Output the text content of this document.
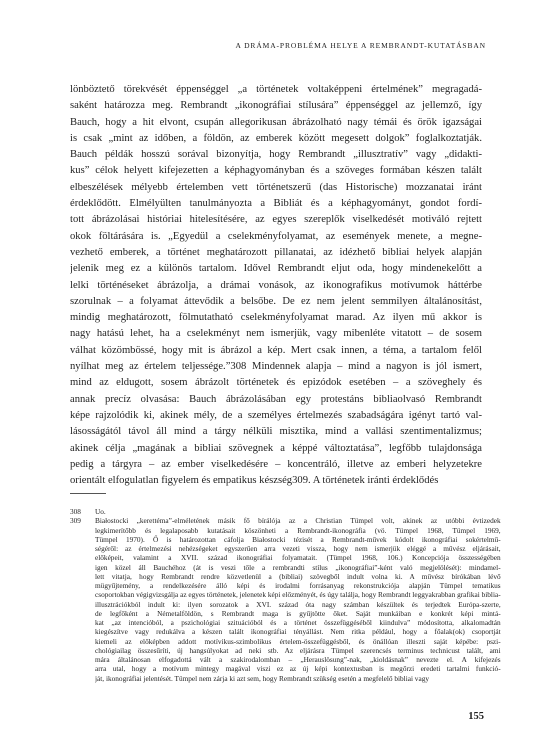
A DRÁMA-PROBLÉMA HELYE A REMBRANDT-KUTATÁSBAN
lönböztető törekvését éppenséggel „a történetek voltaképpeni értelmének” megragadá-
saként határozza meg. Rembrandt „ikonográfiai stílusára” éppenséggel az jellemző, így
Bauch, hogy a hit elvont, csupán allegorikusan ábrázolható nagy témái és örök igazságai
is csak „mint az időben, a földön, az emberek között megesett dolgok” foglalkoztatják.
Bauch példák hosszú sorával bizonyítja, hogy Rembrandt „illusztratív” vagy „didakti-
kus” célok helyett kifejezetten a képhagyományban és a szöveges formában készen talált
elbeszélések mélyebb értelemben vett történetszerű (das Historische) mozzanatai iránt
érdeklődött. Elmélyülten tanulmányozta a Bibliát és a képhagyományt, gondot fordí-
tott ábrázolásai históriai hitelesítésére, az egyes szereplők viselkedését motiváló rejtett
okok föltárására is. „Egyedül a cselekményfolyamat, az események menete, a megne-
vezhető emberek, a történet meghatározott pillanatai, az idézhető bibliai helyek alapján
jelenik meg ez a különös tartalom. Idővel Rembrandt eljut oda, hogy mindenekelőtt a
lelki történéseket ábrázolja, a drámai vonások, az ikonografikus motívumok háttérbe
szorulnak – a folyamat áttevődik a belsőbe. De ez nem jelent semmilyen általánosítást,
mindig meghatározott, fölmutatható cselekményfolyamat marad. Az ilyen mű akkor is
nagy hatású lehet, ha a cselekményt nem ismerjük, vagy mibenléte vitatott – de sosem
válhat közömbössé, hogy mit is ábrázol a kép. Mert csak innen, a téma, a tartalom felől
nyílhat meg az értelem teljessége.”308 Mindennek alapja – mind a nagyon is jól ismert,
mind az eldugott, sosem ábrázolt történetek és epizódok esetében – a szöveghely és
annak precíz olvasása: Bauch ábrázolásában egy protestáns bibliaolvasó Rembrandt
képe rajzolódik ki, akinek mély, de a személyes értelmezés szabadságára igényt tartó val-
lásosságától távol áll mind a tárgy nélküli misztika, mind a vallási szentimentalizmus;
akinek célja „magának a bibliai szövegnek a képpé változtatása”, legfőbb tulajdonsága
pedig a tárgyra – az ember viselkedésére – koncentráló, illetve az emberi helyzetekre
orientált elfogulatlan figyelem és empatikus készség309. A történetek iránti érdeklődés
308	Uo.
309	Białostocki „kerettéma”-elméletének másik fő bírálója az a Christian Tümpel volt, akinek az utóbbi évtizedek
legkimerítőbb és legalaposabb kutatásait köszönheti a Rembrandt-ikonográfia (vö. Tümpel 1968, Tümpel 1969,
Tümpel 1970). Ő is határozottan cáfolja Białostocki tézisét a Rembrandt-művek kódolt ikonográfiai sokértelmű-
ségéről: az értelmezési nehézségeket egyszerűen arra vezeti vissza, hogy nem ismerjük eléggé a művész eljárásait,
előképeit, valamint a XVII. század ikonográfiai folyamatait. (Tümpel 1968, 106.) Koncepciója összességében
igen közel áll Bauchéhoz (át is veszi tőle a rembrandti stílus „ikonográfiai”-ként való megjelölését): mindamel-
lett vitatja, hogy Rembrandt rendre közvetlenül a (bibliai) szövegből indult volna ki. A művész bírókában lévő
mügyűjtemény, a rendelkezésére álló képi és irodalmi forrásanyag rekonstrukciója alapján Tümpel tematikus
csoportokban végigvizsgálja az egyes történetek, jelenetek képi előzményét, és úgy találja, hogy Rembrandt leggyakrabban grafikai biblia-
illusztrációkból indult ki: ilyen sorozatok a XVI. század óta nagy számban készültek és terjedtek Európa-szerte,
de legfőként a Németalföldön, s Rembrandt maga is gyűjtötte őket. Saját munkáiban e konkrét képi mintá-
kat „az intencióból, a pszichológiai szituációból és a történet összefüggéséből kiindulva” módosította, alkalomadtán
kiegészítve vagy redukálva a készen talált ikonográfiai tényállást. Nem ritka például, hogy a főalak(ok) csoportját
kiemeli az előképben addott motívikus-szimbolikus értelem-összefüggésből, és önállóan illeszti saját képébe: pszi-
chológiailag összesűríti, új hangsúlyokat ad neki stb. Az eljárásra Tümpel szerencsés terminus technicust talált, ami
mára általánosan elfogadottá vált a szakirodalomban – „Herauslösung”-nak, „kioldásnak” nevezte el. A kifejezés
arra utal, hogy a motívum mintegy magával viszi ez az új képi kontextusban is megőrzi eredeti tartalmi funkció-
ját, ikonográfiai jelentését. Tümpel nem zárja ki azt sem, hogy Rembrandt szükség esetén a megfelelő bibliai vagy
155
